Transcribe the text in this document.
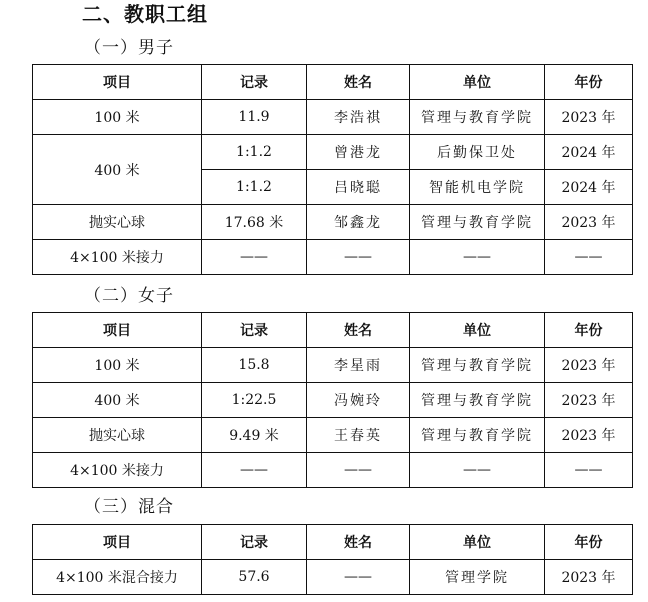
二、教职工组
（一）男子
项目	记录	姓名	单位	年份
100 米	11.9	李浩祺	管理与教育学院	2023 年
400 米	1:1.2	曾港龙	后勤保卫处	2024 年
	1:1.2	吕晓聪	智能机电学院	2024 年
抛实心球	17.68 米	邹鑫龙	管理与教育学院	2023 年
4×100 米接力	——	——	——	——
（二）女子
项目	记录	姓名	单位	年份
100 米	15.8	李星雨	管理与教育学院	2023 年
400 米	1:22.5	冯婉玲	管理与教育学院	2023 年
抛实心球	9.49 米	王春英	管理与教育学院	2023 年
4×100 米接力	——	——	——	——
（三）混合
项目	记录	姓名	单位	年份
4×100 米混合接力	57.6	——	管理学院	2023 年
